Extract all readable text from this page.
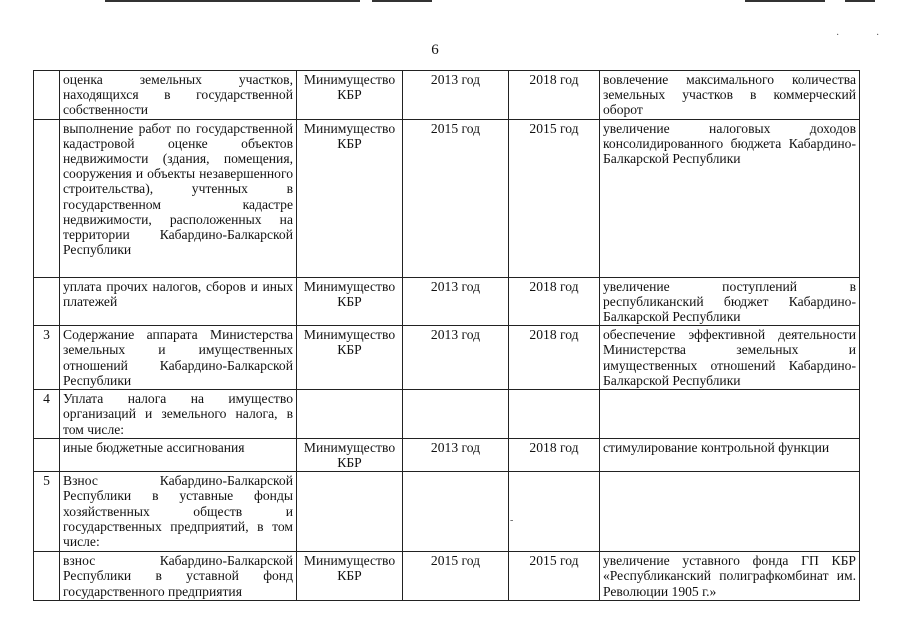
6
·	·
-
	оценка земельных участков, находящихся в государственной собственности	Минимущество КБР	2013 год	2018 год	вовлечение максимального количества земельных участков в коммерческий оборот
	выполнение работ по государственной кадастровой оценке объектов недвижимости (здания, помещения, сооружения и объекты незавершенного строительства), учтенных в государственном кадастре недвижимости, расположенных на территории Кабардино-Балкарской Республики	Минимущество КБР	2015 год	2015 год	увеличение налоговых доходов консолидированного бюджета Кабардино-Балкарской Республики
	уплата прочих налогов, сборов и иных платежей	Минимущество КБР	2013 год	2018 год	увеличение поступлений в республиканский бюджет Кабардино-Балкарской Республики
3	Содержание аппарата Министерства земельных и имущественных отношений Кабардино-Балкарской Республики	Минимущество КБР	2013 год	2018 год	обеспечение эффективной деятельности Министерства земельных и имущественных отношений Кабардино-Балкарской Республики
4	Уплата налога на имущество организаций и земельного налога, в том числе:				
	иные бюджетные ассигнования	Минимущество КБР	2013 год	2018 год	стимулирование контрольной функции
5	Взнос Кабардино-Балкарской Республики в уставные фонды хозяйственных обществ и государственных предприятий, в том числе:				
	взнос Кабардино-Балкарской Республики в уставной фонд государственного предприятия	Минимущество КБР	2015 год	2015 год	увеличение уставного фонда ГП КБР «Республиканский полиграфкомбинат им. Революции 1905 г.»
